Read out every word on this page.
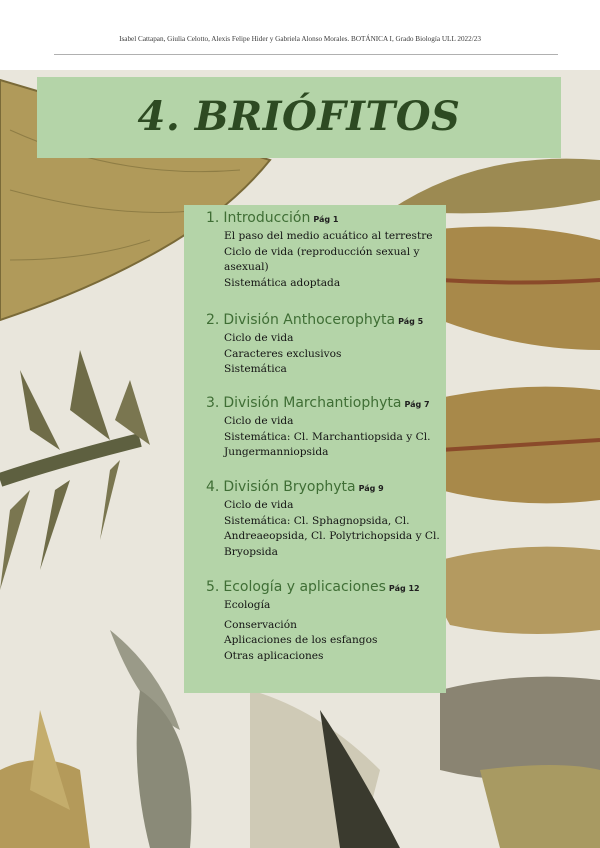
Isabel Cattapan, Giulia Celotto, Alexis Felipe Hider y Gabriela Alonso Morales. BOTÁNICA I, Grado Biología ULL 2022/23
4. BRIÓFITOS
1. Introducción Pág 1
El paso del medio acuático al terrestre
Ciclo de vida (reproducción sexual y
asexual)
Sistemática adoptada
2. División Anthocerophyta Pág 5
Ciclo de vida
Caracteres exclusivos
Sistemática
3. División Marchantiophyta Pág 7
Ciclo de vida
Sistemática: Cl. Marchantiopsida y Cl.
Jungermanniopsida
4. División Bryophyta Pág 9
Ciclo de vida
Sistemática: Cl. Sphagnopsida, Cl.
Andreaeopsida, Cl. Polytrichopsida y Cl.
Bryopsida
5. Ecología y aplicaciones Pág 12
Ecología
Conservación
Aplicaciones de los esfangos
Otras aplicaciones
